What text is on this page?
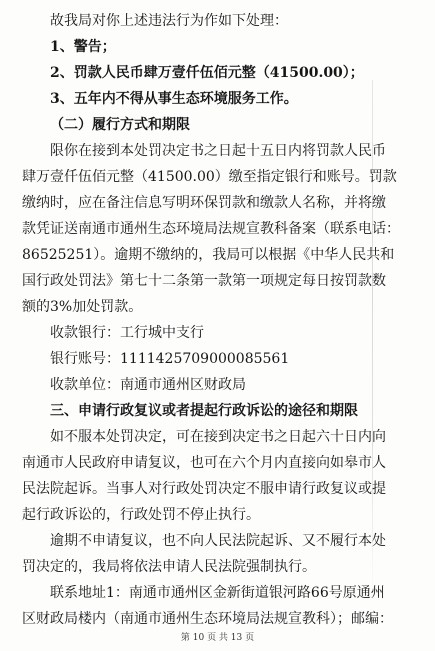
故我局对你上述违法行为作如下处理：

1、警告；

2、罚款人民币肆万壹仟伍佰元整（41500.00）；

3、五年内不得从事生态环境服务工作。

（二）履行方式和期限

限你在接到本处罚决定书之日起十五日内将罚款人民币

肆万壹仟伍佰元整（41500.00）缴至指定银行和账号。罚款

缴纳时，应在备注信息写明环保罚款和缴款人名称，并将缴

款凭证送南通市通州生态环境局法规宣教科备案（联系电话：

86525251）。逾期不缴纳的，我局可以根据《中华人民共和

国行政处罚法》第七十二条第一款第一项规定每日按罚款数

额的3%加处罚款。

收款银行：工行城中支行

银行账号：1111425709000085561

收款单位：南通市通州区财政局

三、申请行政复议或者提起行政诉讼的途径和期限

如不服本处罚决定，可在接到决定书之日起六十日内向

南通市人民政府申请复议，也可在六个月内直接向如皋市人

民法院起诉。当事人对行政处罚决定不服申请行政复议或提

起行政诉讼的，行政处罚不停止执行。

逾期不申请复议，也不向人民法院起诉、又不履行本处

罚决定的，我局将依法申请人民法院强制执行。

联系地址1：南通市通州区金新街道银河路66号原通州

区财政局楼内（南通市通州生态环境局法规宣教科）；邮编：

第 10 页 共 13 页
